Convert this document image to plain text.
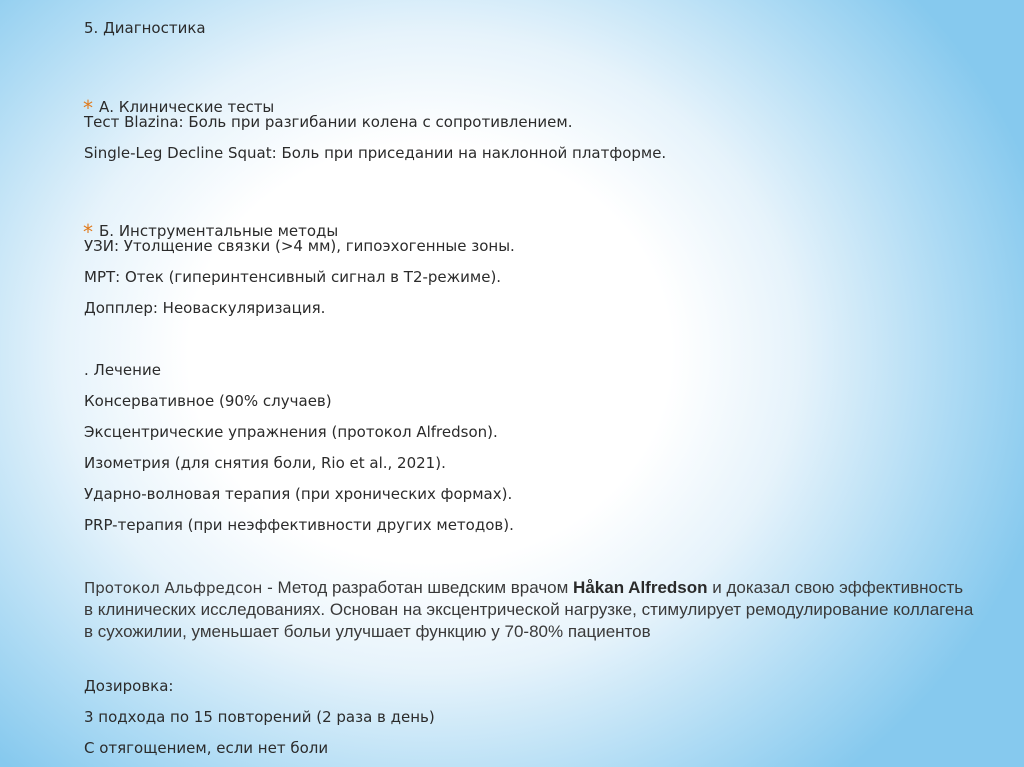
5. Диагностика

* А. Клинические тесты

Тест Blazina: Боль при разгибании колена с сопротивлением.

Single-Leg Decline Squat: Боль при приседании на наклонной платформе.

* Б. Инструментальные методы

УЗИ: Утолщение связки (>4 мм), гипоэхогенные зоны.

МРТ: Отек (гиперинтенсивный сигнал в Т2-режиме).

Допплер: Неоваскуляризация.

. Лечение

Консервативное (90% случаев)

Эксцентрические упражнения (протокол Alfredson).

Изометрия (для снятия боли, Rio et al., 2021).

Ударно-волновая терапия (при хронических формах).

PRP-терапия (при неэффективности других методов).

Протокол Альфредсон - Метод разработан шведским врачом Håkan Alfredson и доказал свою эффективность в клинических исследованиях. Основан на эксцентрической нагрузке, стимулирует ремодулирование коллагена в сухожилии, уменьшает больи улучшает функцию у 70-80% пациентов

Дозировка:

3 подхода по 15 повторений (2 раза в день)

С отягощением, если нет боли
